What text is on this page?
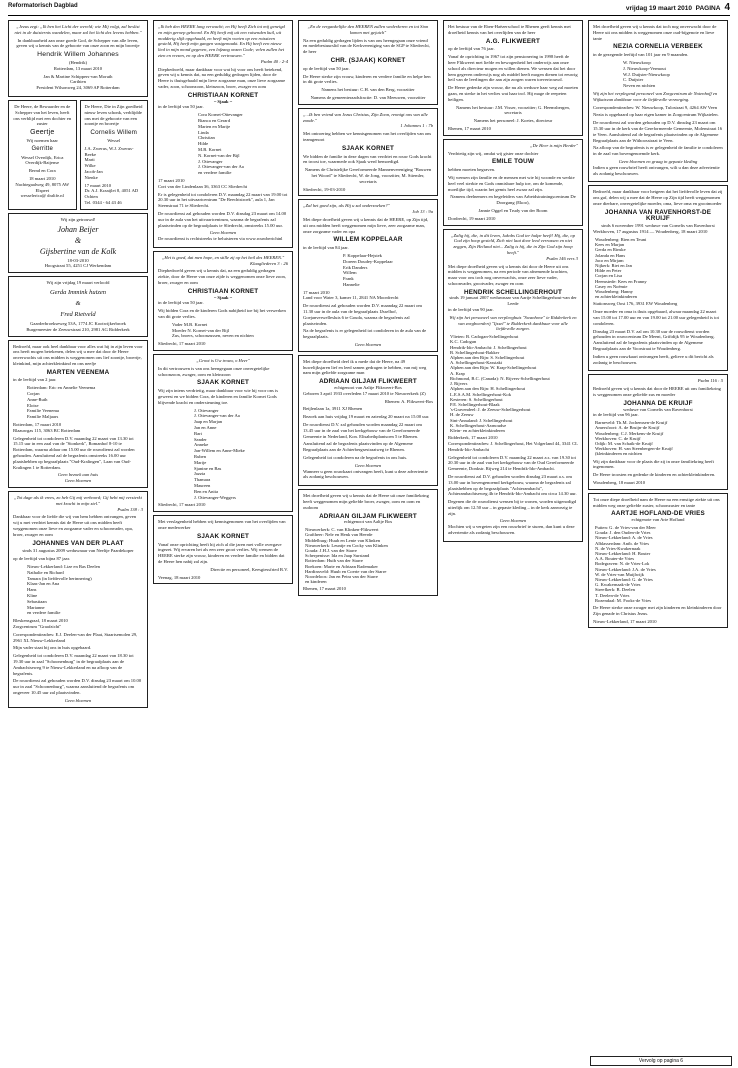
Reformatorisch Dagblad	vrijdag 19 maart 2010 PAGINA 4

„Jezus zegt: „Ik ben het Licht der wereld; wie Mij volgt, zal beslist niet in de duisternis wandelen, maar zal het licht des levens hebben."

In dankbaarheid aan onze goede God, de Schepper van alle leven, geven wij u kennis van de geboorte van onze zoon en mijn broertje

Hendrik Willem Johannes
(Hendrik)

Rotterdam, 13 maart 2010

Jan & Martine Schippers-van Moruth

Carthien

President Wilsonweg 24, 3069 AP Rotterdam

De Heere, de Bewaarder en de Schepper van het leven, heeft ons verblijd met een dochter en zuster

Geertje

Wij noemen haar

Gerritte

Wessel Overdijk, Erica Overdijk-Baijense

Bernd en Cora

18 maart 2010

Nachtegaalweg 49, 8075 AW Elspeet

wesselerica@ dralife.nl

De Heere, Die in Zijn goedheid nieuw leven schonk, verblijdde ons met de geboorte van een zoontje en broertje

Cornelis Willem
Wessel

J.A. Zwerus, W.J. Zwerus-Beeke

Marti
Wilke
Jacob-Jan
Nienke

17 maart 2010

Dr. A.J. Kraaijlei 8, 4051 AD Ochten

Tel. 0344 - 64 43 46

Wij zijn getrouwd!

Johan Beijer
&
Gijsbertine van de Kolk

18-03-2010

Hoogstraat 55, 4251 CJ Werkendam

Wij zijn vrijdag 19 maart verloofd

Gerda Immink huizen
&
Fred Rietveld

Gaarderbroekseweg 53A, 1774 JC Kootwijkerbroek

Burgemeester de Zeeuwstraat 210, 2981 AG Ridderkerk

Bedroefd, maar ook heel dankbaar voor alles wat hij in zijn leven voor ons heeft mogen betekenen, delen wij u mee dat door de Heere onverwachts uit ons midden is weggenomen ons lief zoontje, broertje, kleinkind, mijn achterkleinkind en ons neefje

MARTEN VEENEMA

in de leeftijd van 2 jaar.

Rotterdam: Eric en Annelie Veenema
Corjan
Anne-Ruth
Eloise
Familie Veenema
Familie Maljaars

Rotterdam, 17 maart 2010

Blaauwgas 115, 3063 BC Rotterdam

Gelegenheid tot condoleren D.V. maandag 22 maart van 13.30 tot 15.15 uur in een zaal van de "Sionkerk", Romanhof 8-10 te Rotterdam, waarna aldaar om 15.00 uur de rouwdienst zal worden gehouden. Aansluitend zal de begrafenis omstreeks 16.00 uur plaatshebben op begraafplaats "Oud-Kralingen", Laan van Oud-Kralingen 1 te Rotterdam.

Geen bezoek aan huis

Geen bloemen

„Tot dage als ik vrees, zo heb Gij mij verhoord; Gij hebt mij versterkt met kracht in mijn ziel."

Psalm 138 : 3

Dankbaar voor de liefde die wij van hem hebben ontvangen, geven wij u met verdriet kennis dat de Heere uit ons midden heeft weggenomen onze lieve en zorgzame vader en schoonvader, opa, broer, zwager en oom

JOHANNES VAN DER PLAAT

sinds 31 augustus 2009 weduwnaar van Neeltje Paardekoper

op de leeftijd van bijna 87 jaar.

Nieuw-Lekkerland: Lize en Bas Deelen
Nathalie en Richard
Tamara (in liefdevolle herinnering)
Klaas-Jan en Ana
Hans
Kline
Sebastiaan
Marianne
en verdere familie

Bleskensgraaf, 18 maart 2010

Zorgcentrum "Graafzicht"

Correspondentieadres: E.J. Deelen-van der Plaat, Staartsemolen 29, 2961 XL Nieuw-Lekkerland

Mijn vader staat bij ons in huis opgebaard.

Gelegenheid tot condoleren D.V. maandag 22 maart van 18.30 tot 19.30 uur in zaal "Schoonenburg" in de begraafplaats aan de Ambachtseweg 9 te Nieuw-Lekkerland en na afloop van de begrafenis.

De rouwdienst zal gehouden worden D.V. dinsdag 23 maart om 10.00 uur in zaal "Schoonenburg", waarna aansluitend de begrafenis om ongeveer 10.45 uur zal plaatsvinden.

Geen bloemen

„Ik heb den HEERE lang verwacht; en Hij heeft Zich tot mij geneigd en mijn geroep gehoord. En Hij heeft mij uit een ruisenden kuil, uit modderig slijk opgehaald, en heeft mijn voeten op een rotssteen gesteld, Hij heeft mijn gangen vastgemaakt. En Hij heeft een nieuw lied in mijn mond gegeven, een lofzang onzen Gode; velen zullen het zien en vrezen, en op den HEERE vertrouwen."

Psalm 40 : 2-4

Diepbedroefd, maar dankbaar voor wat hij voor ons heeft betekend, geven wij u kennis dat, na een geduldig gedragen lijden, door de Heere is thuisgehaald mijn lieve zorgzame man, onze lieve zorgzame vader, zoon, schoonzoon, kleinzoon, broer, zwager en oom

CHRISTIAAN KORNET
~ Sjaak ~

in de leeftijd van 50 jaar.

Cora Kornet-Ottevanger
Bianca en Gerard
Marten en Marije
Linda
Christian
Hilde
M.B. Kornet
N. Kornet-van der Bijl
J. Ottevanger
J. Ottevanger-van der Aa
en verdere familie

17 maart 2010

Cort van der Lindenlaan 36, 3363 CC Sliedrecht

Er is gelegenheid tot condoleren D.V. maandag 22 maart van 19.00 tot 20.30 uur in het uitvaartcentrum "De Beechtstroek", aula 1, Jan Steenstraat 71 te Sliedrecht.

De rouwdienst zal gehouden worden D.V. dinsdag 23 maart om 14.00 uur in de aula van het uitvaartcentrum, waarna de begrafenis zal plaatsvinden op de begraafplaats te Sliedrecht, omstreeks 15.00 uur.

Geen bloemen

De rouwdienst is rechtstreeks te beluisteren via www.rouwberichtnl

„Het is goed, dat men hope, en stille zij op het heil des HEEREN."

Klaagliederen 3 : 26

Diepbedroefd geven wij u kennis dat, na een geduldig gedragen ziekte, door de Heere van onze zijde is weggenomen onze lieve zoon, broer, zwager en oom

CHRISTIAAN KORNET
~ Sjaak ~

in de leeftijd van 50 jaar.

Wij bidden Cora en de kinderen Gods nabijheid toe bij het verwerken van dit grote verlies.

Vader M.B. Kornet
Moeder N. Kornet-van der Bijl
Zus, broers, schoonzussen, neven en nichten

Sliedrecht, 17 maart 2010

„Groot is Uw trouw, o Heer"

In dit vertrouwen is van ons heengegaan onze onvergetelijke schoonzoon, zwager, oom en kleinzoon

SJAAK KORNET

Wij zijn intens verdrietig, maar dankbaar voor wie hij voor ons is geweest en we bidden Cora, de kinderen en familie Kornet Gods blijvende kracht en ondersteuning toe.

J. Ottevanger
J. Ottevanger-van der Aa
Jaap en Marjan
Jan en Anne
Bart
Sander
Anneke
Jan-Willem en Anne-Mieke
Ruben
Marije
Sjanine en Bas
Jazzia
Thamara
Maureen
Ben en Anita
J. Ottevanger-Weggers

Sliedrecht, 17 maart 2010

Met verslagenheid hebben wij kennisgenomen van het overlijden van onze medewerker

SJAAK KORNET

Vanaf onze oprichting heeft hij zich al die jaren met volle overgave ingezet. Wij ervaren het als een zeer groot verlies. Wij wensen de HEERE sterke zijn vrouw, kinderen en verdere familie en bidden dat de Heere hen nabij zal zijn.

Directie en personeel, Keesgiessfried B.V.

Veenag, 18 maart 2010

„En de vergankelijke den HEEREN zullen wederkeren en tot Sion komen met gejuich"

Na een geduldig gedragen lijden is van ons heengegaan onze vriend en medebestuurslid van de Kerkvereniging van de SGP te Sliedrecht, de heer

CHR. (SJAAK) KORNET

op de leeftijd van 50 jaar.

De Heere sterke zijn vrouw, kinderen en verdere familie en helpe hen in dit grote verlies.

Namens het bestuur: C.H. van den Berg, voorzitter

Namens de gemeenteraadsfractie: D. van Meeuwen, voorzitter

„...Ik ben vriend van Jezus Christus, Zijn Zoon, rennigt ons van alle zonde."

1 Johannes 1 : 7b

Met ontroering hebben we kennisgenomen van het overlijden van ons teamgenoot

SJAAK KORNET

We bidden de familie in deze dagen van verdriet en rouw Gods kracht en troost toe, waarmede ook Sjaak werd bemoedigd.

Namens de Christelijke Gereformeerde Mannenvereniging "Bouwen het Woord" te Sliedrecht, W. de Jong, voorzitter, M. Stiemler, secretaris

Sliedrecht, 19-03-2010

„Zal het goed zijn, als Hij u zal onderzoeken?"

Job 13 : 9a

Met diepe droefheid geven wij u kennis dat de HEERE, op Zijn tijd, uit ons midden heeft weggenomen mijn lieve, zeer zorgzame man, onze zorgzame vader en opa

WILLEM KOPPELAAR

in de leeftijd van 84 jaar.

P. Koppelaar-Hejstek
Doreen Doudey-Koppelaar
Erik Danders
Willem
Frank
Hannelie

17 maart 2010

Land voor Water 3, kamer 11, 2841 NA Moordrecht

De rouwdienst zal gehouden worden D.V. maandag 22 maart om 11.30 uur in de aula van de begraafplaats IJsselhof, Goejanverwellesluis 6 te Gouda, waarna de begrafenis zal plaatsvinden.

Na de begrafenis is er gelegenheid tot condoleren in de aula van de begraafplaats.

Geen bloemen

Met diepe droefheid deel ik u mede dat de Heere, na 49 huwelijksjaren lief en leed samen gedragen te hebben, van mij weg nam mijn geliefde zorgzame man

ADRIAAN GILJAM FLIKWEERT
echtgenoot van Aaltje Flikweert-Bos

Geboren 3 april 1933 overleden 17 maart 2010 te Nieuwerkerk (Z)

Rhenen: A. Flikweert-Bos

Beijlenlaan 1a, 3911 XJ Rhenen

Bezoek aan huis vrijdag 19 maart en zaterdag 20 maart na 15.00 uur.

De rouwdienst D.V. zal gehouden worden maandag 22 maart om 13.45 uur in de zaal van het kerkgebouw van de Gereformeerde Gemeente in Nederland, Kon. Elisabethplantsoen 5 te Rhenen.

Aansluitend zal de begrafenis plaatsvinden op de Algemene Begraafplaats aan de Achterbergsestraatweg te Rhenen.

Gelegenheid tot condoleren na de begrafenis in ons huis.

Geen bloemen

Wanneer u geen rouwkaart ontvangen heeft, kunt u deze advertentie als zodanig beschouwen.

Met droefheid geven wij u kennis dat de Heere uit onze familiekring heeft weggenomen mijn geliefde broer, zwager, oom en oom en oudoom

ADRIAAN GILJAM FLIKWEERT
echtgenoot van Aaltje Bos
Nieuwerkerk: C. van Klinken-Flikweert
Graftheer: Nele en Henk van Heerde
Middelburg: Huub en Lenie van Klinken
Nieuwerkerk: Leuntje en Cocky van Klinken
Gouda: J.H.J. van der Starre
Scherpenisse: Ida en Jaap Surstand
Rotterdam: Huib van der Starre
Boekoen: Marie en Adriaan Rademaker
Hardinxveld: Huub en Coerie van der Starre
Noordeloos: Jan en Petra van der Starre
en kinderen

Rhenen, 17 maart 2010

Het bestuur van de Eben-Haëzerschool te Rhenen geeft kennis met droefheid kennis van het overlijden van de heer

A.G. FLIKWEERT

op de leeftijd van 76 jaar.

Vanaf de oprichting in 1967 tot zijn pensionering in 1998 heeft de heer Flikweert met liefde en bewogenheid het onderwijs aan onze school als directeur mogen en willen dienen. We wensen dat het door hem gegeven onderwijs nog als middel heeft mogen dienen tot eeuwig heil van de leerlingen die aan zijn zorgen waren toevertrouwd.

De Heere gedenke zijn vrouw, die nu als weduwe haar weg zal moeten gaan, en sterke in het verlies wat haar trof. Hij mage de reepeten heiligen.

Namens het bestuur: J.M. Visser, voorzitter; G. Heemsbergen, secretaris

Namens het personeel: J. Koetes, directeur

Rhenen, 17 maart 2010

„De Heer is mijn Herder"

Verdrietig zijn wij, omdat wij gister onze dochter

EMILE TOUW

hebben moeten begraven.

Wij wensen zijn familie en de mensen met wie hij woonde en werkte heel veel sterkte en Gods onmisbare hulp toe, om de komende, moeilijke tijd, waarin het gemis heel zwaar zal zijn.

Namens deelnemers en begeleiders van Arbeidstrainingscentrum De Doorgang (Ekoo),

Jannie Oggel en Trudy van der Boom

Dordrecht, 19 maart 2010

„Zalig hij, die, in dit leven, Jakobs God ter hulpe heeft! Hij, die, op God zijn hoop gesteld, Zich niet laat door leed verrassen en niet zeggen, Zijn Heiland niet... Zalig is hij, die in Zijn God zijn hoop heeft."

Psalm 146 vers 3

Met diepe droefheid geven wij u kennis dat door de Heere uit ons midden is weggenomen, na een periode van afnemende krachten, maar voor ons toch nog onverwachts, onze zeer lieve vader, schoonvader, grootvader, zwager en oom

HENDRIK SCHELLINGERHOUT
sinds 19 januari 2007 weduwnaar van Aartje Schellingerhout-van der Leede

in de leeftijd van 90 jaar.

Wij zijn het personeel van verpleeghuis "Swanhove" te Ridderkerk en van zorgboerderij "Ijssel" te Ridderkerk dankbaar voor alle liefdevolle zorgen.

Vlieten: B. Cadogan-Schellingerhout
K.C. Cadogan
Hendrik-Ido-Ambacht: J. Schellingerhout
B. Schellingerhout-Bakker
Alphen aan den Rijn: S. Schellingerhout
A. Schellingerhout-Kasstaki
Alphen aan den Rijn: W. Krap-Schellingerhout
A. Krap
Richmond, B.C. (Canada): N. Rijvers-Schellingerhout
J. Rijvers
Alphen aan den Rijn: H. Schellingerhout
L.E.S.A.M. Schellingerhout-Kok
Kesteren: S. Schellingerhout
P.E. Schellingerhout-Blaak
's-Gravendeel: J. de Zeeuw-Schellingerhout
H. de Zeeuw
Sint-Annaland: J. Schellingerhout
K. Schellingerhout-Aarnoudse
Klein- en achterkleinkinderen

Ridderkerk, 17 maart 2010

Correspondentieadres: J. Schellingerhout, Het Volgerland 44, 3341 CL Hendrik-Ido-Ambacht

Gelegenheid tot condoleren D.V. maandag 22 maart a.s. van 19.30 tot 20.30 uur in de zaal van het kerkgebouw van de Oud Gereformeerde Gemeente, Donkstr. Rijweg 214 te Hendrik-Ido-Ambacht.

De rouwdienst zal D.V. gehouden worden dinsdag 23 maart a.s. om 13.00 uur in bovengenoemd kerkgebouw, waarna de begrafenis zal plaatshebben op de begraafplaats "Achterambacht", Achterambachtseweg 4b te Hendrik-Ido-Ambacht om circa 14.30 uur.

Degenen die de rouwdienst wensen bij te wonen, worden uitgenodigd uiterlijk om 12.50 uur – in gepaste kleding – in de kerk aanwezig te zijn.

Geen bloemen

Mochten wij u vergeten zijn een rouwbrief te sturen, dan kunt u deze advertentie als zodanig beschouwen.

Met droefheid geven wij u kennis dat toch nog onverwacht door de Heere uit ons midden is weggenomen onze oud-bijgenote en lieve tante

NEZIA CORNELIA VERBEEK

in de gezegende leeftijd van 101 jaar en 9 maanden.

W. Nieuwkoop
J. Nieuwkoop-Vermout
W.J. Duijster-Nieuwkoop
C. Duijster
Neven en nichten

Wij zijn het verplegend personeel van Zorgcentrum de Notenhoff en Wijkatsvan dankbaar voor de liefdevolle verzorging.

Correspondentieadres: W. Nieuwkoop, Tulostraat 9, 4264 AW Veen

Nezia is opgebaard op haar eigen kamer in Zorgcentrum Wijkatelen.

De rouwdienst zal worden gehouden op D.V. dinsdag 23 maart om 15.30 uur in de kerk van de Gereformeerde Gemeente, Molenstraat 16 te Veen. Aansluitend zal de begrafenis plaatsvinden op de Algemene Begraafplaats aan de Withoosstraat te Veen.

Na afloop van de begrafenis is er gelegenheid de familie te condoleren in de zaal van bovengenoemde kerk.

Geen bloemen en graag in gepaste kleding

Indien u geen rouwbrief heeft ontvangen, wilt u dan deze advertentie als zodanig beschouwen.

Bedroefd, maar dankbaar voor hetgeen dat het liefdevolle leven dat zij ons gaf, delen wij u mee dat de Heere op Zijn tijd heeft weggenomen onze dierbare, onvergetelijke moeder, oma, lieve oma en grootmoeder

JOHANNA VAN RAVENHORST-DE KRUIJF
sinds 6 november 1991 weduwe van Cornelis van Ravenhorst

Werkhoven, 17 augustus 1914 — Woudenberg, 18 maart 2010

Woudenberg: Rien en Teuni
Kees en Marjan
Gerda en Rinske
Jolanda en Hans
Jaco en Mirjam
Nijkerk: Riet en Jan
Hilde en Peter
Corjan en Lisa
Heemstede: Kees en Franny
Casey en Noëmie
Woudenberg: Hanny
en achterkleinkinderen

Stationsweg Oost 176, 3931 EW Woudenberg

Onze moeder en oma is thuis opgebaard, alwaar maandag 22 maart van 15.00 tot 17.00 uur en van 19.00 tot 21.00 uur gelegenheid is tot condoleren.

Dinsdag 23 maart D.V. zal om 10.30 uur de rouwdienst worden gehouden in rouwcentrum De Meent, Griftdijk 95 te Woudenberg. Aansluitend zal de begrafenis plaatsvinden op de Algemene Begraafplaats aan de Voorstraat te Woudenberg.

Indien u geen rouwkaart ontvangen heeft, gelieve u dit bericht als zodanig te beschouwen.

Psalm 116 : 5

Bedroefd geven wij u kennis dat door de HEERE uit ons familiekring is weggenomen onze geliefde zus en moeder

JOHANNA DE KRUIJF
weduwe van Cornelis van Ravenhorst

in de leeftijd van 96 jaar.

Barneveld: Th.M. Jochemsen-de Kruijf
Amersfoort: A. de Bruijn-de Kruijf
Woudenberg: C.J. Merkens-de Kruijf
Werkhoven: C. de Kruijf
Odijk: M. van Schaik-de Kruijf
Werkhoven: H. van Steenbergen-de Kruijf
(kleinkinderen en nichten

Wij zijn dankbaar voor de plaats die zij in onze familiekring heeft ingenomen.

De Heere troosten en gedenke de kinderen en achterkleinkinderen.

Woudenberg, 18 maart 2010

Tot onze diepe droefheid nam de Heere na een ernstige ziekte uit ons midden weg onze geliefde zuster, schoonzuster en tante

AARTJE HOFLAND-DE VRIES
echtgenote van Arie Hofland
Putten: G. de Vries-van der Meer
Gouda: J. den Ouden-de Vries
Nieuw-Lekkerland: A. de Vries
Alblasserdam: Antb. de Vries
N. de Vries-Kwakernaak
Nieuw-Lekkerland: H. Bouter
A.A. Bouter-de Vries
Bodegraven: N. de Vries-Lok
Nieuw-Lekkerland: J.A. de Vries
W. de Vries-van Muijlwijk
Nieuw-Lekkerland: G. de Vries
G. Kwakernaak-de Vries
Streefkerk: B. Deelen
T. Deelen-de Vries
Rozendaal: M. Fooks-de Vries

De Heere sterke onze zwager met zijn kinderen en kleinkinderen door Zijn genade in Christus Jezus.

Nieuw-Lekkerland, 17 maart 2010

Vervolg op pagina 6
